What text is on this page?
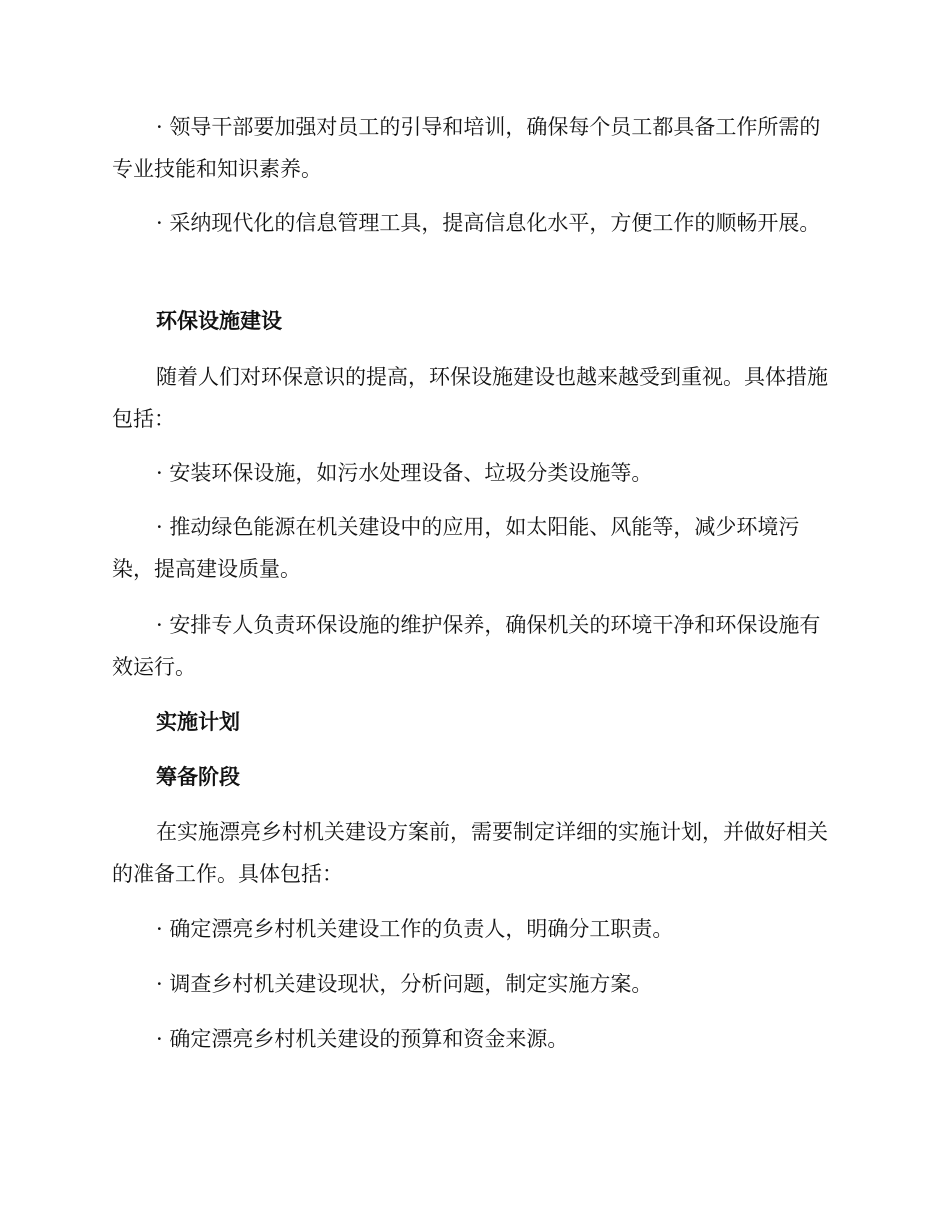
· 领导干部要加强对员工的引导和培训，确保每个员工都具备工作所需的专业技能和知识素养。

· 采纳现代化的信息管理工具，提高信息化水平，方便工作的顺畅开展。

环保设施建设

随着人们对环保意识的提高，环保设施建设也越来越受到重视。具体措施包括：

· 安装环保设施，如污水处理设备、垃圾分类设施等。

· 推动绿色能源在机关建设中的应用，如太阳能、风能等，减少环境污染，提高建设质量。

· 安排专人负责环保设施的维护保养，确保机关的环境干净和环保设施有效运行。

实施计划

筹备阶段

在实施漂亮乡村机关建设方案前，需要制定详细的实施计划，并做好相关的准备工作。具体包括：

· 确定漂亮乡村机关建设工作的负责人，明确分工职责。

· 调查乡村机关建设现状，分析问题，制定实施方案。

· 确定漂亮乡村机关建设的预算和资金来源。
